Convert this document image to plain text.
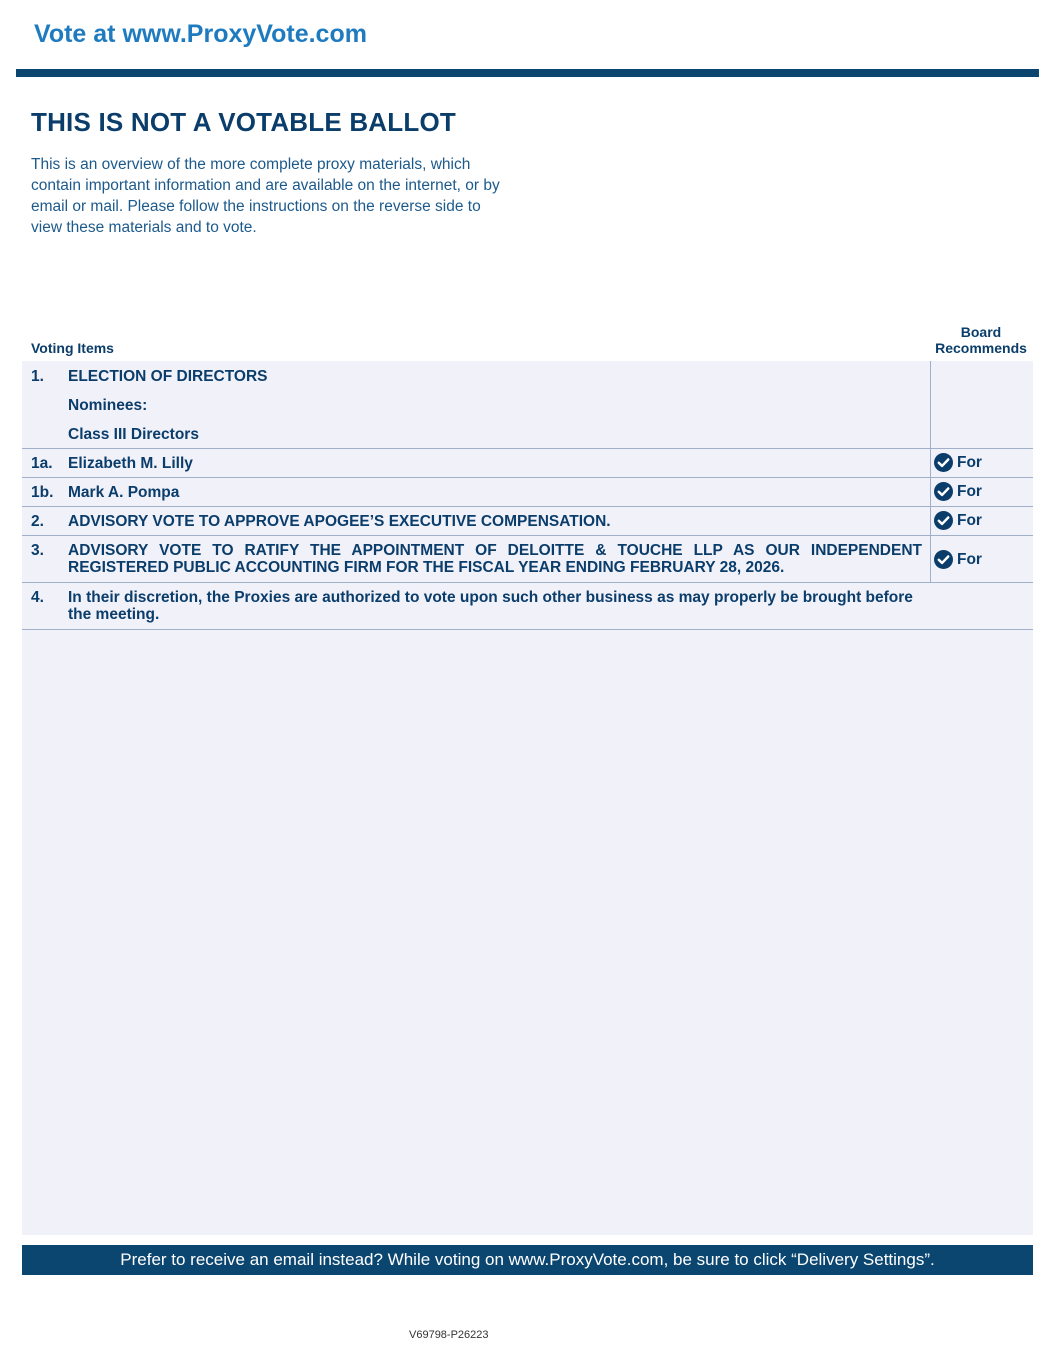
Vote at www.ProxyVote.com
THIS IS NOT A VOTABLE BALLOT
This is an overview of the more complete proxy materials, which contain important information and are available on the internet, or by email or mail. Please follow the instructions on the reverse side to view these materials and to vote.
Voting Items
Board
Recommends
1. ELECTION OF DIRECTORS
Nominees:
Class III Directors
1a. Elizabeth M. Lilly	For
1b. Mark A. Pompa	For
2. ADVISORY VOTE TO APPROVE APOGEE’S EXECUTIVE COMPENSATION.	For
3. ADVISORY VOTE TO RATIFY THE APPOINTMENT OF DELOITTE & TOUCHE LLP AS OUR INDEPENDENT REGISTERED PUBLIC ACCOUNTING FIRM FOR THE FISCAL YEAR ENDING FEBRUARY 28, 2026.	For
4. In their discretion, the Proxies are authorized to vote upon such other business as may properly be brought before the meeting.
Prefer to receive an email instead? While voting on www.ProxyVote.com, be sure to click “Delivery Settings”.
V69798-P26223
